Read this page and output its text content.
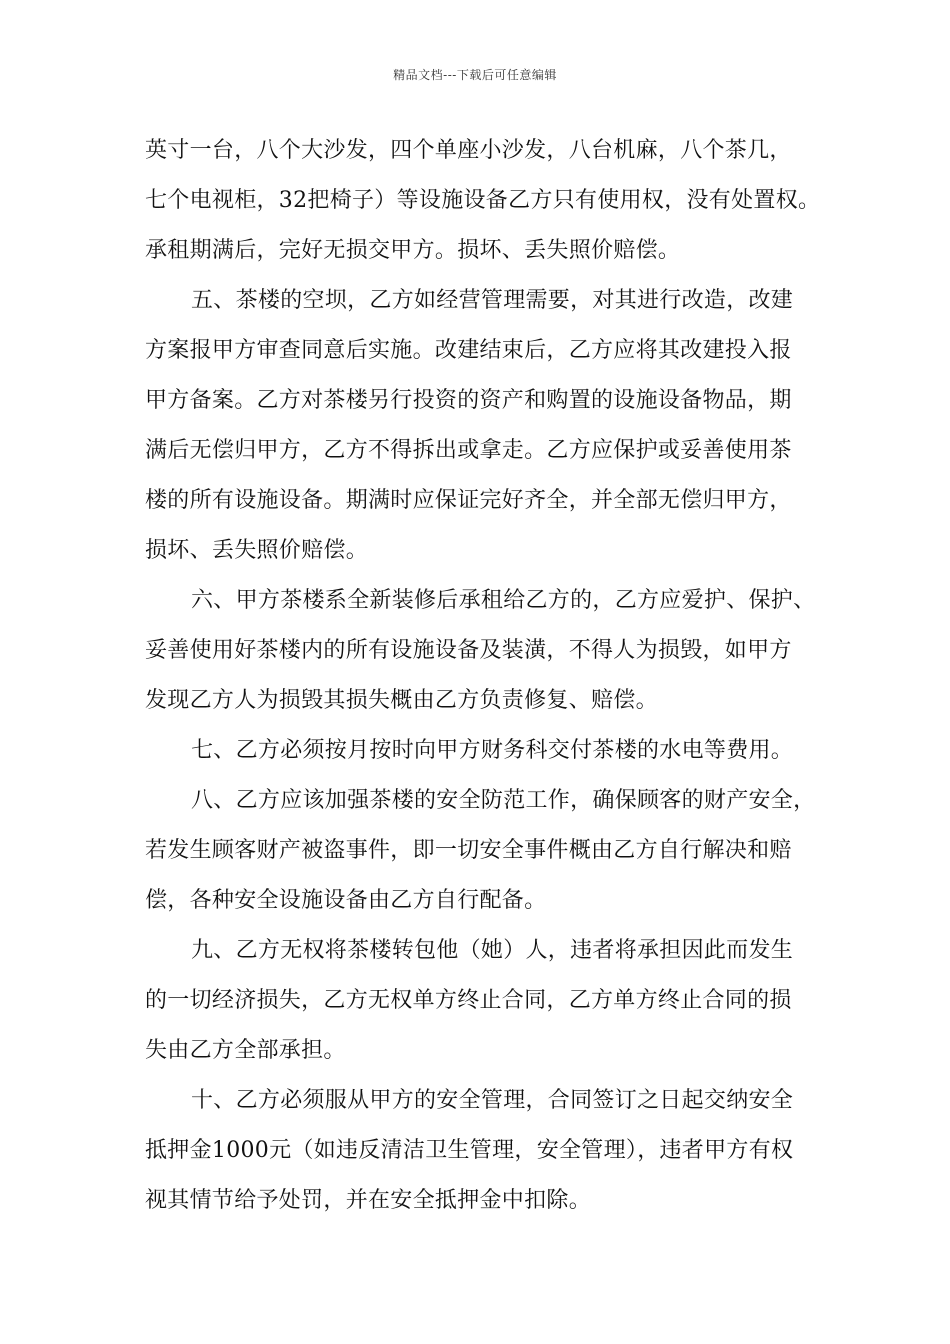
精品文档---下载后可任意编辑
英寸一台，八个大沙发，四个单座小沙发，八台机麻，八个茶几，
七个电视柜，32把椅子）等设施设备乙方只有使用权，没有处置权。
承租期满后，完好无损交甲方。损坏、丢失照价赔偿。
五、茶楼的空坝，乙方如经营管理需要，对其进行改造，改建
方案报甲方审查同意后实施。改建结束后，乙方应将其改建投入报
甲方备案。乙方对茶楼另行投资的资产和购置的设施设备物品，期
满后无偿归甲方，乙方不得拆出或拿走。乙方应保护或妥善使用茶
楼的所有设施设备。期满时应保证完好齐全，并全部无偿归甲方，
损坏、丢失照价赔偿。
六、甲方茶楼系全新装修后承租给乙方的，乙方应爱护、保护、
妥善使用好茶楼内的所有设施设备及装潢，不得人为损毁，如甲方
发现乙方人为损毁其损失概由乙方负责修复、赔偿。
七、乙方必须按月按时向甲方财务科交付茶楼的水电等费用。
八、乙方应该加强茶楼的安全防范工作，确保顾客的财产安全，
若发生顾客财产被盗事件，即一切安全事件概由乙方自行解决和赔
偿，各种安全设施设备由乙方自行配备。
九、乙方无权将茶楼转包他（她）人，违者将承担因此而发生
的一切经济损失，乙方无权单方终止合同，乙方单方终止合同的损
失由乙方全部承担。
十、乙方必须服从甲方的安全管理，合同签订之日起交纳安全
抵押金1000元（如违反清洁卫生管理，安全管理），违者甲方有权
视其情节给予处罚，并在安全抵押金中扣除。
